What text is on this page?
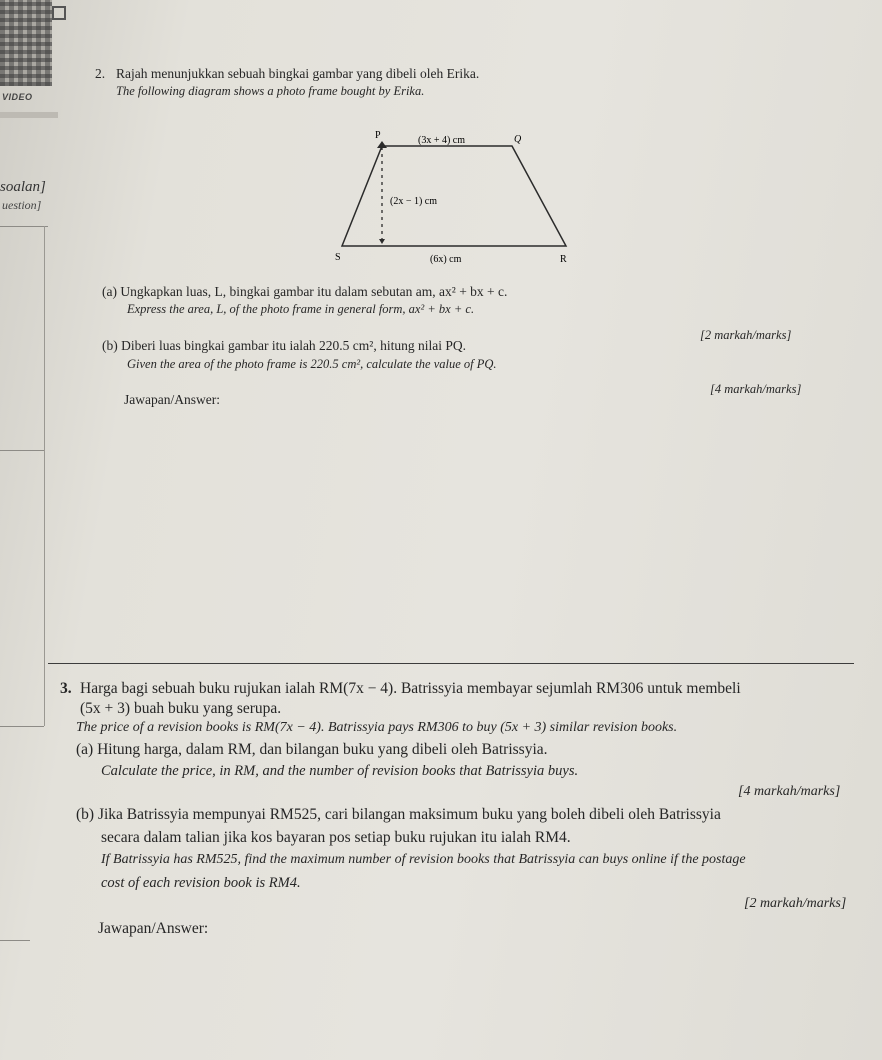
VIDEO
soalan]
uestion]
2. Rajah menunjukkan sebuah bingkai gambar yang dibeli oleh Erika.
The following diagram shows a photo frame bought by Erika.
P	Q
R
S
(3x + 4) cm
(2x − 1) cm
(6x) cm
(a) Ungkapkan luas, L, bingkai gambar itu dalam sebutan am, ax² + bx + c.
Express the area, L, of the photo frame in general form, ax² + bx + c.
[2 markah/marks]
(b) Diberi luas bingkai gambar itu ialah 220.5 cm², hitung nilai PQ.
Given the area of the photo frame is 220.5 cm², calculate the value of PQ.
[4 markah/marks]
Jawapan/Answer:
3. Harga bagi sebuah buku rujukan ialah RM(7x − 4). Batrissyia membayar sejumlah RM306 untuk membeli
(5x + 3) buah buku yang serupa.
The price of a revision books is RM(7x − 4). Batrissyia pays RM306 to buy (5x + 3) similar revision books.
(a) Hitung harga, dalam RM, dan bilangan buku yang dibeli oleh Batrissyia.
Calculate the price, in RM, and the number of revision books that Batrissyia buys.
[4 markah/marks]
(b) Jika Batrissyia mempunyai RM525, cari bilangan maksimum buku yang boleh dibeli oleh Batrissyia
secara dalam talian jika kos bayaran pos setiap buku rujukan itu ialah RM4.
If Batrissyia has RM525, find the maximum number of revision books that Batrissyia can buys online if the postage
cost of each revision book is RM4.
[2 markah/marks]
Jawapan/Answer:
